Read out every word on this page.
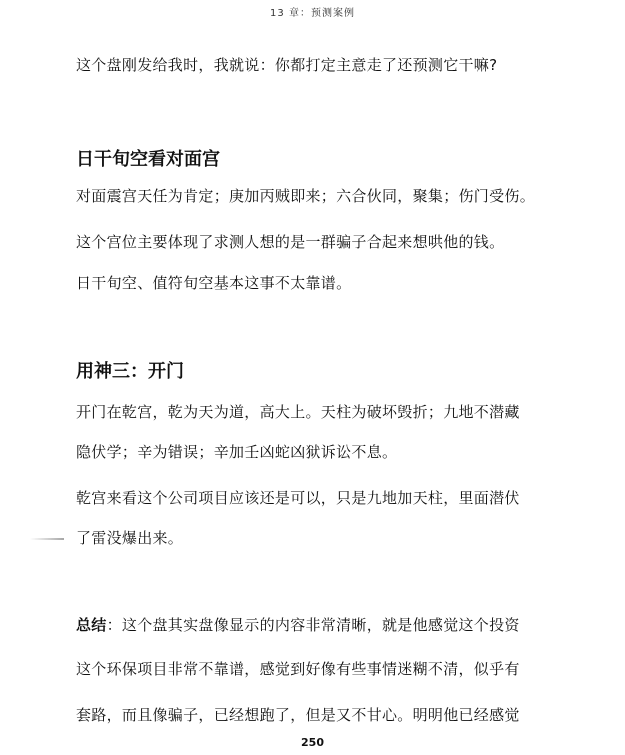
13 章：预测案例
这个盘刚发给我时，我就说：你都打定主意走了还预测它干嘛?
日干旬空看对面宫
对面震宫天任为肯定；庚加丙贼即来；六合伙同，聚集；伤门受伤。
这个宫位主要体现了求测人想的是一群骗子合起来想哄他的钱。
日干旬空、值符旬空基本这事不太靠谱。
用神三：开门
开门在乾宫，乾为天为道，高大上。天柱为破坏毁折；九地不潜藏
隐伏学；辛为错误；辛加壬凶蛇凶狱诉讼不息。
乾宫来看这个公司项目应该还是可以，只是九地加天柱，里面潜伏
了雷没爆出来。
总结：这个盘其实盘像显示的内容非常清晰，就是他感觉这个投资
这个环保项目非常不靠谱，感觉到好像有些事情迷糊不清，似乎有
套路，而且像骗子，已经想跑了，但是又不甘心。明明他已经感觉
250
